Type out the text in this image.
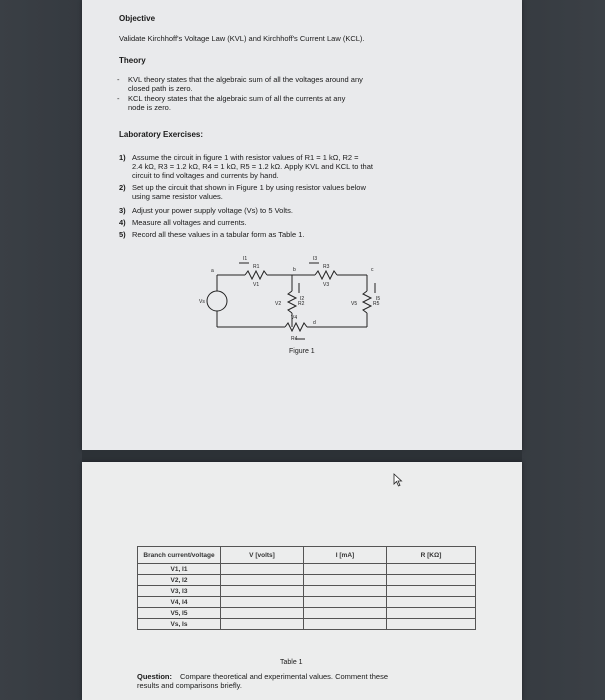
Objective
Validate Kirchhoff's Voltage Law (KVL) and Kirchhoff's Current Law (KCL).
Theory
- KVL theory states that the algebraic sum of all the voltages around any
closed path is zero.
- KCL theory states that the algebraic sum of all the currents at any
node is zero.
Laboratory Exercises:
1) Assume the circuit in figure 1 with resistor values of R1 = 1 kΩ, R2 =
2.4 kΩ, R3 = 1.2 kΩ, R4 = 1 kΩ, R5 = 1.2 kΩ. Apply KVL and KCL to that
circuit to find voltages and currents by hand.
2) Set up the circuit that shown in Figure 1 by using resistor values below
using same resistor values.
3) Adjust your power supply voltage (Vs) to 5 Volts.
4) Measure all voltages and currents.
5) Record all these values in a tabular form as Table 1.
a	b	c
d
Vs
I1
R1
V1
I3
R3
V3
I2
V2	R2
I5
V5	R5
V4
R4
Figure 1
Branch current/voltage	V [volts]	I [mA]	R [KΩ]
V1, I1			
V2, I2			
V3, I3			
V4, I4			
V5, I5			
Vs, Is			
Table 1
Question: Compare theoretical and experimental values. Comment these
results and comparisons briefly.
